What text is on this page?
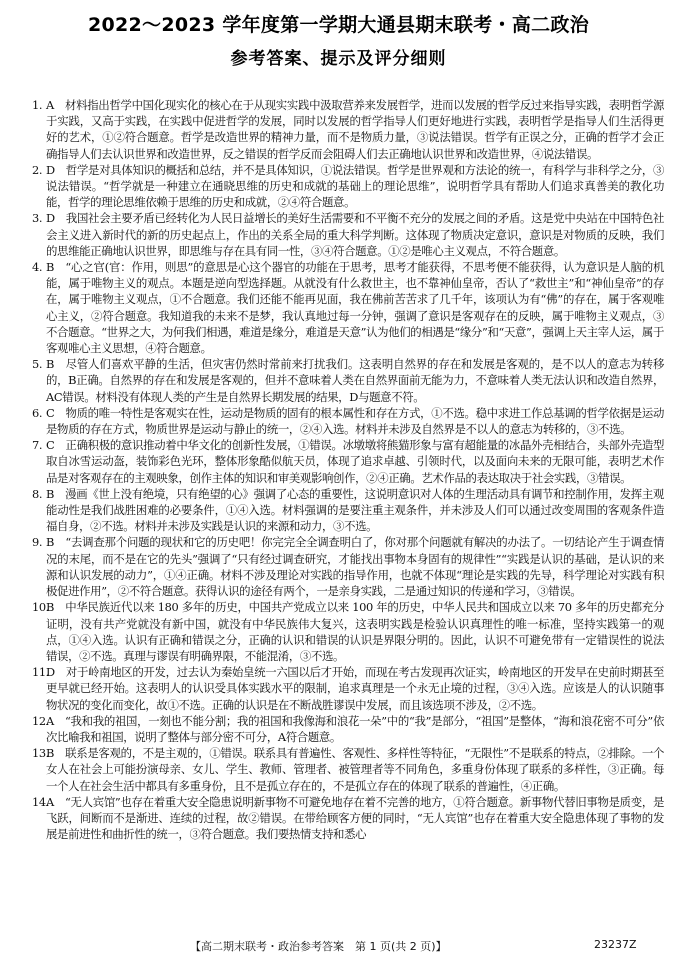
2022～2023 学年度第一学期大通县期末联考・高二政治
参考答案、提示及评分细则
1. A　材料指出哲学中国化现实化的核心在于从现实实践中汲取营养来发展哲学，进而以发展的哲学反过来指导实践，表明哲学源于实践，又高于实践，在实践中促进哲学的发展，同时以发展的哲学指导人们更好地进行实践，表明哲学是指导人们生活得更好的艺术，①②符合题意。哲学是改造世界的精神力量，而不是物质力量，③说法错误。哲学有正误之分，正确的哲学才会正确指导人们去认识世界和改造世界，反之错误的哲学反而会阻碍人们去正确地认识世界和改造世界，④说法错误。
2. D　哲学是对具体知识的概括和总结，并不是具体知识，①说法错误。哲学是世界观和方法论的统一，有科学与非科学之分，③说法错误。“哲学就是一种建立在通晓思维的历史和成就的基础上的理论思维”，说明哲学具有帮助人们追求真善美的教化功能，哲学的理论思维依赖于思维的历史和成就，②④符合题意。
3. D　我国社会主要矛盾已经转化为人民日益增长的美好生活需要和不平衡不充分的发展之间的矛盾。这是党中央站在中国特色社会主义进入新时代的新的历史起点上，作出的关系全局的重大科学判断。这体现了物质决定意识，意识是对物质的反映，我们的思维能正确地认识世界，即思维与存在具有同一性，③④符合题意。①②是唯心主义观点，不符合题意。
4. B　“心之官(官：作用，则思”的意思是心这个器官的功能在于思考，思考才能获得，不思考便不能获得，认为意识是人脑的机能，属于唯物主义的观点。本题是逆向型选择题。从就没有什么救世主，也不靠神仙皇帝，否认了“救世主”和“神仙皇帝”的存在，属于唯物主义观点，①不合题意。我们还能不能再见面，我在佛前苦苦求了几千年，该项认为有“佛”的存在，属于客观唯心主义，②符合题意。我知道我的未来不是梦，我认真地过每一分钟，强调了意识是客观存在的反映，属于唯物主义观点，③不合题意。“世界之大，为何我们相遇，难道是缘分，难道是天意”认为他们的相遇是“缘分”和“天意”，强调上天主宰人运，属于客观唯心主义思想，④符合题意。
5. B　尽管人们喜欢平静的生活，但灾害仍然时常前来打扰我们。这表明自然界的存在和发展是客观的，是不以人的意志为转移的，B正确。自然界的存在和发展是客观的，但并不意味着人类在自然界面前无能为力，不意味着人类无法认识和改造自然界，AC错误。材料没有体现人类的产生是自然界长期发展的结果，D与题意不符。
6. C　物质的唯一特性是客观实在性，运动是物质的固有的根本属性和存在方式，①不选。稳中求进工作总基调的哲学依据是运动是物质的存在方式，物质世界是运动与静止的统一，②④入选。材料并未涉及自然界是不以人的意志为转移的，③不选。
7. C　正确积极的意识推动着中华文化的创新性发展，①错误。冰墩墩将熊猫形象与富有超能量的冰晶外壳相结合，头部外壳造型取自冰雪运动盔，装饰彩色光环，整体形象酷似航天员，体现了追求卓越、引领时代，以及面向未来的无限可能，表明艺术作品是对客观存在的主观映象，创作主体的知识和审美观影响创作，②④正确。艺术作品的表达取决于社会实践，③错误。
8. B　漫画《世上没有绝境，只有绝望的心》强调了心态的重要性，这说明意识对人体的生理活动具有调节和控制作用，发挥主观能动性是我们战胜困难的必要条件，①④入选。材料强调的是要注重主观条件，并未涉及人们可以通过改变周围的客观条件造福自身，②不选。材料并未涉及实践是认识的来源和动力，③不选。
9. B　“去调查那个问题的现状和它的历史吧！你完完全全调查明白了，你对那个问题就有解决的办法了。一切结论产生于调查情况的末尾，而不是在它的先头”强调了“只有经过调查研究，才能找出事物本身固有的规律性”“实践是认识的基础，是认识的来源和认识发展的动力”，①④正确。材料不涉及理论对实践的指导作用，也就不体现“理论是实践的先导，科学理论对实践有积极促进作用”，②不符合题意。获得认识的途径有两个，一是亲身实践，二是通过知识的传递和学习，③错误。
10.
B　中华民族近代以来 180 多年的历史，中国共产党成立以来 100 年的历史，中华人民共和国成立以来 70 多年的历史都充分证明，没有共产党就没有新中国，就没有中华民族伟大复兴，这表明实践是检验认识真理性的唯一标准，坚持实践第一的观点，①④入选。认识有正确和错误之分，正确的认识和错误的认识是界限分明的。因此，认识不可避免带有一定错误性的说法错误，②不选。真理与谬误有明确界限，不能混淆，③不选。
11.
D　对于岭南地区的开发，过去认为秦始皇统一六国以后才开始，而现在考古发现再次证实，岭南地区的开发早在史前时期甚至更早就已经开始。这表明人的认识受具体实践水平的限制，追求真理是一个永无止境的过程，③④入选。应该是人的认识随事物状况的变化而变化，故①不选。正确的认识是在不断战胜谬误中发展，而且该选项不涉及，②不选。
12.
A　“我和我的祖国，一刻也不能分割；我的祖国和我像海和浪花一朵”中的“我”是部分，“祖国”是整体，“海和浪花密不可分”依次比喻我和祖国，说明了整体与部分密不可分，A符合题意。
13.
B　联系是客观的，不是主观的，①错误。联系具有普遍性、客观性、多样性等特征，“无限性”不是联系的特点，②排除。一个女人在社会上可能扮演母亲、女儿、学生、教师、管理者、被管理者等不同角色，多重身份体现了联系的多样性，③正确。每一个人在社会生活中都具有多重身份，且不是孤立存在的，不是孤立存在的体现了联系的普遍性，④正确。
14.
A　“无人宾馆”也存在着重大安全隐患说明新事物不可避免地存在着不完善的地方，①符合题意。新事物代替旧事物是质变，是飞跃，间断而不是渐进、连续的过程，故②错误。在带给顾客方便的同时，“无人宾馆”也存在着重大安全隐患体现了事物的发展是前进性和曲折性的统一，③符合题意。我们要热情支持和悉心
【高二期末联考・政治参考答案　第 1 页(共 2 页)】	23237Z
